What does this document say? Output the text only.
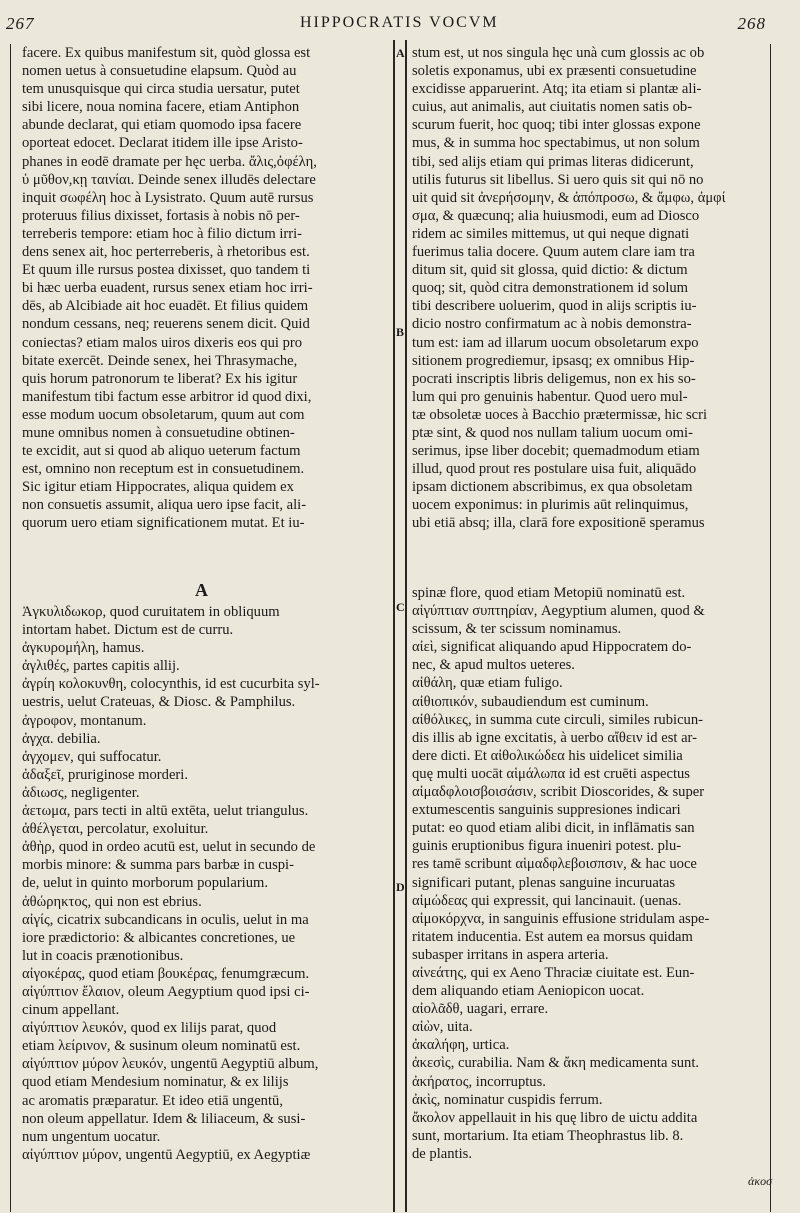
267	HIPPOCRATIS VOCVM	268
A
B
C
D
facere. Ex quibus manifestum sit, quòd glossa est
nomen uetus à consuetudine elapsum. Quòd au
tem unusquisque qui circa studia uersatur, putet
sibi licere, noua nomina facere, etiam Antiphon
abunde declarat, qui etiam quomodo ipsa facere
oporteat edocet. Declarat itidem ille ipse Aristo-
phanes in eodē dramate per hęc uerba. ἄλις,ὀφέλη,
ὑ μῦθον,κῃ ταινίαι. Deinde senex illudēs delectare
inquit σωφέλη hoc à Lysistrato. Quum autē rursus
proteruus filius dixisset, fortasis à nobis nō per-
terreberis tempore: etiam hoc à filio dictum irri-
dens senex ait, hoc perterreberis, à rhetoribus est.
Et quum ille rursus postea dixisset, quo tandem ti
bi hæc uerba euadent, rursus senex etiam hoc irri-
dēs, ab Alcibiade ait hoc euadēt. Et filius quidem
nondum cessans, neq; reuerens senem dicit. Quid
coniectas? etiam malos uiros dixeris eos qui pro
bitate exercēt. Deinde senex, hei Thrasymache,
quis horum patronorum te liberat? Ex his igitur
manifestum tibi factum esse arbitror id quod dixi,
esse modum uocum obsoletarum, quum aut com
mune omnibus nomen à consuetudine obtinen-
te excidit, aut si quod ab aliquo ueterum factum
est, omnino non receptum est in consuetudinem.
Sic igitur etiam Hippocrates, aliqua quidem ex
non consuetis assumit, aliqua uero ipse facit, ali-
quorum uero etiam significationem mutat. Et iu-
stum est, ut nos singula hęc unà cum glossis ac ob
soletis exponamus, ubi ex præsenti consuetudine
excidisse apparuerint. Atq; ita etiam si plantæ ali-
cuius, aut animalis, aut ciuitatis nomen satis ob-
scurum fuerit, hoc quoq; tibi inter glossas expone
mus, & in summa hoc spectabimus, ut non solum
tibi, sed alijs etiam qui primas literas didicerunt,
utilis futurus sit libellus. Si uero quis sit qui nō no
uit quid sit ἀνερήσομην, & ἀπόπροσω, & ἄμφω, ἀμφί
σμα, & quæcunq; alia huiusmodi, eum ad Diosco
ridem ac similes mittemus, ut qui neque dignati
fuerimus talia docere. Quum autem clare iam tra
ditum sit, quid sit glossa, quid dictio: & dictum
quoq; sit, quòd citra demonstrationem id solum
tibi describere uoluerim, quod in alijs scriptis iu-
dicio nostro confirmatum ac à nobis demonstra-
tum est: iam ad illarum uocum obsoletarum expo
sitionem progrediemur, ipsasq; ex omnibus Hip-
pocrati inscriptis libris deligemus, non ex his so-
lum qui pro genuinis habentur. Quod uero mul-
tæ obsoletæ uoces à Bacchio prætermissæ, hic scri
ptæ sint, & quod nos nullam talium uocum omi-
serimus, ipse liber docebit; quemadmodum etiam
illud, quod prout res postulare uisa fuit, aliquādo
ipsam dictionem abscribimus, ex qua obsoletam
uocem exponimus: in plurimis aūt relinquimus,
ubi etiā absq; illa, clarā fore expositionē speramus
A
Ἀγκυλιδωκορ, quod curuitatem in obliquum
intortam habet. Dictum est de curru.
ἀγκυρομήλη, hamus.
ἀγλιθές, partes capitis allij.
ἀγρίη κολοκυνθη, colocynthis, id est cucurbita syl-
uestris, uelut Crateuas, & Diosc. & Pamphilus.
ἀγροφον, montanum.
ἀγχα. debilia.
ἀγχομεν, qui suffocatur.
ἀδαξεῖ, pruriginose morderi.
ἀδιωσς, negligenter.
ἀετωμα, pars tecti in altū extēta, uelut triangulus.
ἀθέλγεται, percolatur, exoluitur.
ἀθὴρ, quod in ordeo acutū est, uelut in secundo de
morbis minore: & summa pars barbæ in cuspi-
de, uelut in quinto morborum popularium.
ἀθώρηκτος, qui non est ebrius.
αἰγίς, cicatrix subcandicans in oculis, uelut in ma
iore prædictorio: & albicantes concretiones, ue
lut in coacis prænotionibus.
αἰγοκέρας, quod etiam βουκέρας, fenumgræcum.
αἰγύπτιον ἔλαιον, oleum Aegyptium quod ipsi ci-
cinum appellant.
αἰγύπτιον λευκόν, quod ex lilijs parat, quod
etiam λείρινον, & susinum oleum nominatū est.
αἰγύπτιον μύρον λευκόν, ungentū Aegyptiū album,
quod etiam Mendesium nominatur, & ex lilijs
ac aromatis præparatur. Et ideo etiā ungentū,
non oleum appellatur. Idem & liliaceum, & susi-
num ungentum uocatur.
αἰγύπτιον μύρον, ungentū Aegyptiū, ex Aegyptiæ
spinæ flore, quod etiam Metopiū nominatū est.
αἰγύπτιαν συπτηρίαν, Aegyptium alumen, quod &
scissum, & ter scissum nominamus.
αἰεὶ, significat aliquando apud Hippocratem do-
nec, & apud multos ueteres.
αἰθάλη, quæ etiam fuligo.
αἰθιοπικόν, subaudiendum est cuminum.
αἰθόλικες, in summa cute circuli, similes rubicun-
dis illis ab igne excitatis, à uerbo αἴθειν id est ar-
dere dicti. Et αἰθολικώδεα his uidelicet similia
quę multi uocāt αἱμάλωπα id est cruēti aspectus
αἱμαδφλοισβοισάσιν, scribit Dioscorides, & super
extumescentis sanguinis suppresiones indicari
putat: eo quod etiam alibi dicit, in inflāmatis san
guinis eruptionibus figura inueniri potest. plu-
res tamē scribunt αἱμαδφλεβοισπσιν, & hac uoce
significari putant, plenas sanguine incuruatas
αἱμώδεας qui expressit, qui lancinauit. (uenas.
αἱμοκόρχνα, in sanguinis effusione stridulam aspe-
ritatem inducentia. Est autem ea morsus quidam
subasper irritans in aspera arteria.
αἰνεάτης, qui ex Aeno Thraciæ ciuitate est. Eun-
dem aliquando etiam Aeniopicon uocat.
αἰολᾶδθ, uagari, errare.
αἰὼν, uita.
ἀκαλήφη, urtica.
ἀκεσὶς, curabilia. Nam & ἄκη medicamenta sunt.
ἀκήρατος, incorruptus.
ἀκὶς, nominatur cuspidis ferrum.
ἄκολον appellauit in his quę libro de uictu addita
sunt, mortarium. Ita etiam Theophrastus lib. 8.
de plantis.
ἀκοσ
